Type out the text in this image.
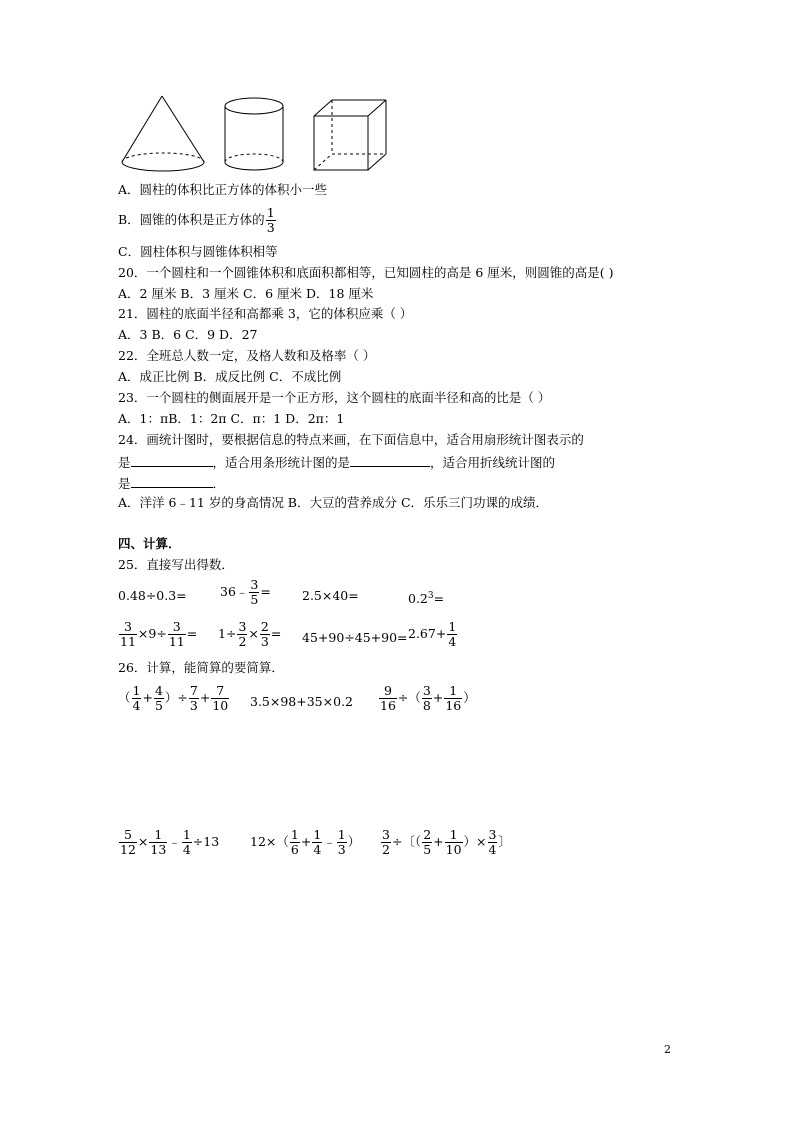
A．圆柱的体积比正方体的体积小一些
B．圆锥的体积是正方体的 $\frac{1}{3}$
C．圆柱体积与圆锥体积相等
20．一个圆柱和一个圆锥体积和底面积都相等，已知圆柱的高是 6 厘米，则圆锥的高是( )
A．2 厘米 B．3 厘米 C．6 厘米 D．18 厘米
21．圆柱的底面半径和高都乘 3，它的体积应乘（ ）
A．3 B．6 C．9 D．27
22．全班总人数一定，及格人数和及格率（ ）
A．成正比例 B．成反比例 C．不成比例
23．一个圆柱的侧面展开是一个正方形，这个圆柱的底面半径和高的比是（ ）
A．1：πB．1：2π C．π：1 D．2π：1
24．画统计图时，要根据信息的特点来画，在下面信息中，适合用扇形统计图表示的
是	，适合用条形统计图的是	，适合用折线统计图的
是	．
A．洋洋 6﹣11 岁的身高情况 B．大豆的营养成分 C．乐乐三门功课的成绩．
四、计算．
25．直接写出得数．
0.48÷0.3=	36﹣ $\frac{3}{5} = 2.5\times 40=$	$0.2^3=$
$\frac{3}{11} \times 9\div \frac{3}{11} = 1\div \frac{3}{2} \times \frac{2}{3} = 45+90\div 45+90= 2.67+ \frac{1}{4}$
26．计算，能简算的要简算．
（ $\frac{1}{4} + \frac{4}{5}$ ）÷ $\frac{7}{3} + \frac{7}{10} 3.5\times 98+35\times 0.2 \frac{9}{16}$ ÷（ $\frac{3}{8} + \frac{1}{16}$ ）
$\frac{5}{12} \times \frac{1}{13}$ ﹣ $\frac{1}{4} \div 13$ $12\times( \frac{1}{6} + \frac{1}{4}$ ﹣ $\frac{1}{3}$ ） $\frac{3}{2}$ ÷〔（ $\frac{2}{5} + \frac{1}{10}$ ）× $\frac{3}{4}$ 〕
2
